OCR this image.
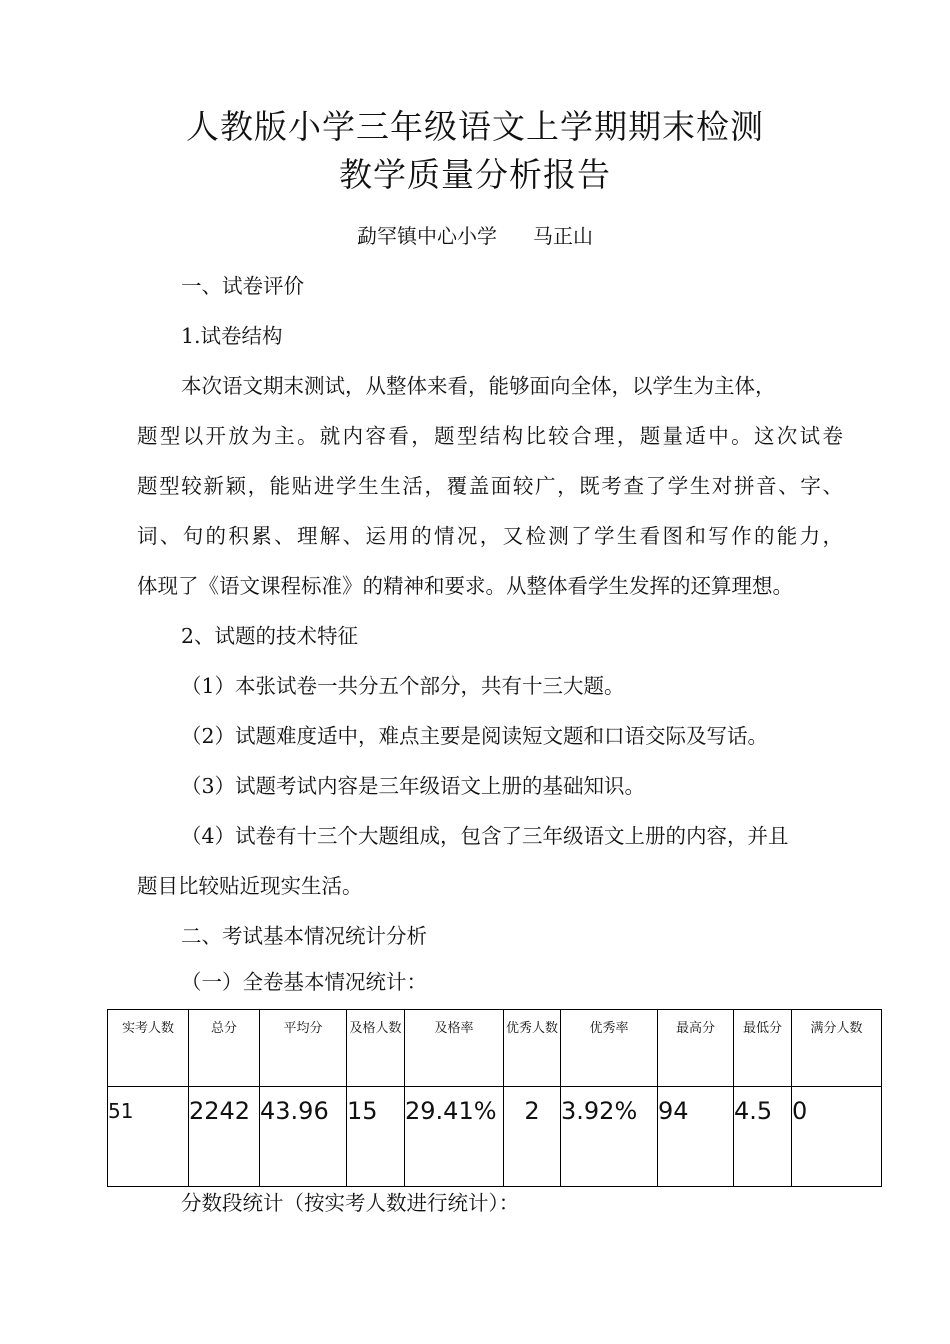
人教版小学三年级语文上学期期末检测
教学质量分析报告
勐罕镇中心小学 马正山
一、试卷评价
1.试卷结构
本次语文期末测试，从整体来看，能够面向全体，以学生为主体，
题型以开放为主。就内容看，题型结构比较合理，题量适中。这次试卷
题型较新颖，能贴进学生生活，覆盖面较广，既考查了学生对拼音、字、
词、句的积累、理解、运用的情况，又检测了学生看图和写作的能力，
体现了《语文课程标准》的精神和要求。从整体看学生发挥的还算理想。
2、试题的技术特征
（1）本张试卷一共分五个部分，共有十三大题。
（2）试题难度适中，难点主要是阅读短文题和口语交际及写话。
（3）试题考试内容是三年级语文上册的基础知识。
（4）试卷有十三个大题组成，包含了三年级语文上册的内容，并且
题目比较贴近现实生活。
二、考试基本情况统计分析
（一）全卷基本情况统计：
实考人数	总分	平均分	及格人数	及格率	优秀人数	优秀率	最高分	最低分	满分人数
51	2242	43.96	15	29.41%	2	3.92%	94	4.5	0
分数段统计（按实考人数进行统计）：
